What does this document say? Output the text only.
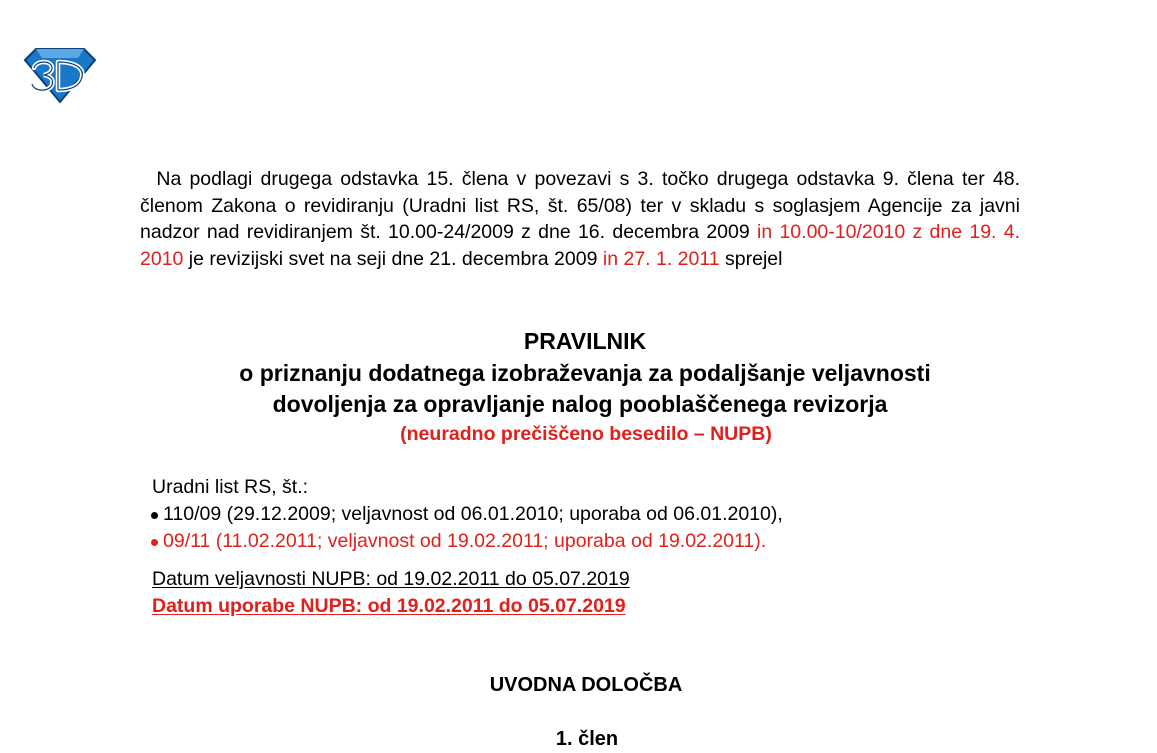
Na podlagi drugega odstavka 15. člena v povezavi s 3. točko drugega odstavka 9. člena ter 48. členom Zakona o revidiranju (Uradni list RS, št. 65/08) ter v skladu s soglasjem Agencije za javni nadzor nad revidiranjem št. 10.00-24/2009 z dne 16. decembra 2009 in 10.00-10/2010 z dne 19. 4. 2010 je revizijski svet na seji dne 21. decembra 2009 in 27. 1. 2011 sprejel
PRAVILNIK
o priznanju dodatnega izobraževanja za podaljšanje veljavnosti
dovoljenja za opravljanje nalog pooblaščenega revizorja
(neuradno prečiščeno besedilo – NUPB)
Uradni list RS, št.:
110/09 (29.12.2009; veljavnost od 06.01.2010; uporaba od 06.01.2010),
09/11 (11.02.2011; veljavnost od 19.02.2011; uporaba od 19.02.2011).
Datum veljavnosti NUPB: od 19.02.2011 do 05.07.2019
Datum uporabe NUPB: od 19.02.2011 do 05.07.2019
UVODNA DOLOČBA
1. člen
